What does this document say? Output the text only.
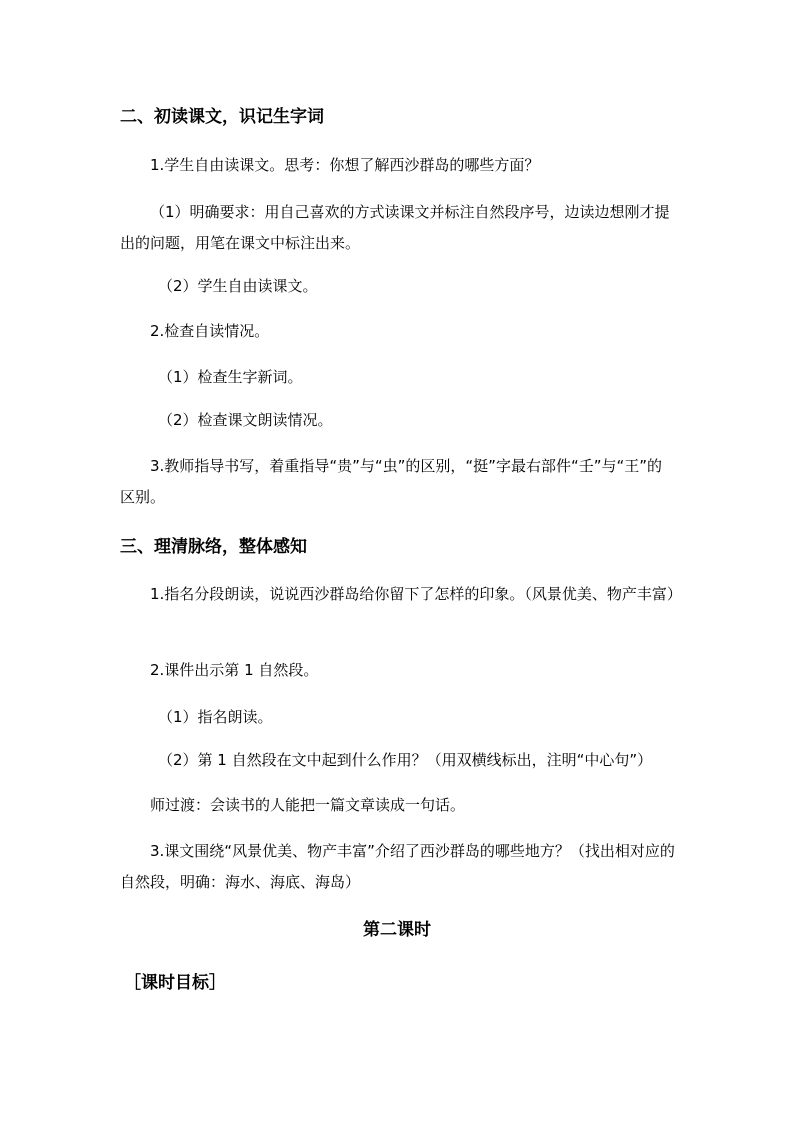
二、初读课文，识记生字词
1.学生自由读课文。思考：你想了解西沙群岛的哪些方面？
（1）明确要求：用自己喜欢的方式读课文并标注自然段序号，边读边想刚才提出的问题，用笔在课文中标注出来。
（2）学生自由读课文。
2.检查自读情况。
（1）检查生字新词。
（2）检查课文朗读情况。
3.教师指导书写，着重指导“贵”与“虫”的区别，“挺”字最右部件“壬”与“王”的区别。
三、理清脉络，整体感知
1.指名分段朗读，说说西沙群岛给你留下了怎样的印象。（风景优美、物产丰富）
2.课件出示第 1 自然段。
（1）指名朗读。
（2）第 1 自然段在文中起到什么作用？（用双横线标出，注明“中心句”）
师过渡：会读书的人能把一篇文章读成一句话。
3.课文围绕“风景优美、物产丰富”介绍了西沙群岛的哪些地方？（找出相对应的自然段，明确：海水、海底、海岛）
第二课时
［课时目标］
